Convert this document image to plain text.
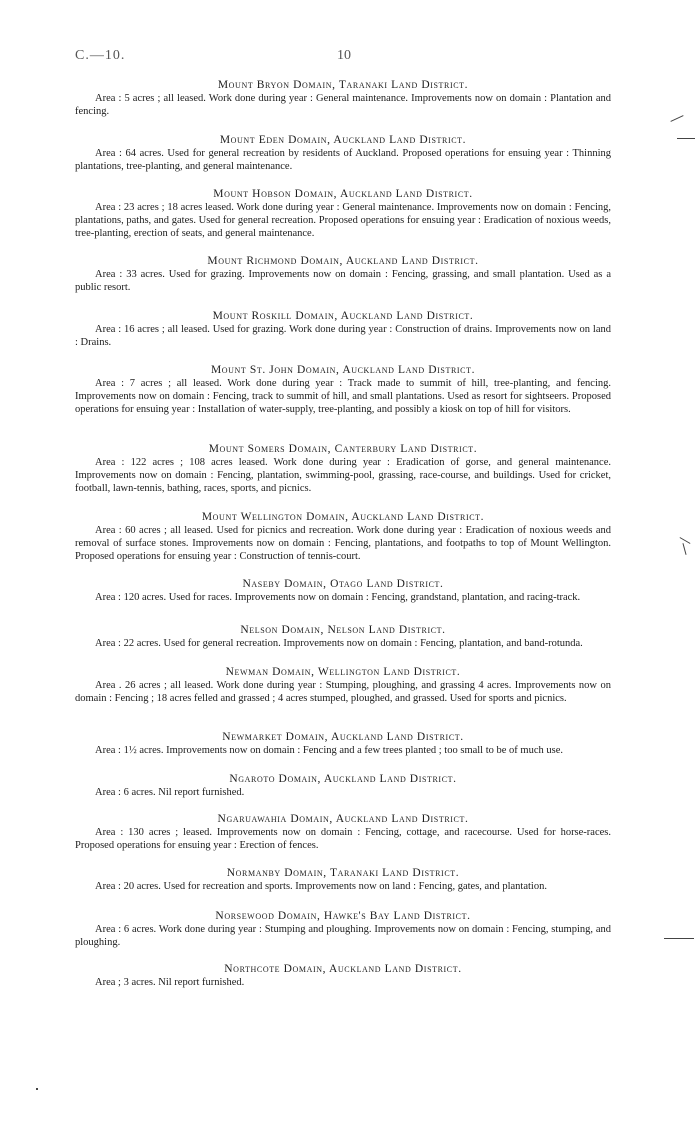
C.—10.	10
Mount Bryon Domain, Taranaki Land District.

Area : 5 acres ; all leased. Work done during year : General maintenance. Improvements now on domain : Plantation and fencing.

Mount Eden Domain, Auckland Land District.

Area : 64 acres. Used for general recreation by residents of Auckland. Proposed operations for ensuing year : Thinning plantations, tree-planting, and general maintenance.

Mount Hobson Domain, Auckland Land District.

Area : 23 acres ; 18 acres leased. Work done during year : General maintenance. Improvements now on domain : Fencing, plantations, paths, and gates. Used for general recreation. Proposed operations for ensuing year : Eradication of noxious weeds, tree-planting, erection of seats, and general maintenance.

Mount Richmond Domain, Auckland Land District.

Area : 33 acres. Used for grazing. Improvements now on domain : Fencing, grassing, and small plantation. Used as a public resort.

Mount Roskill Domain, Auckland Land District.

Area : 16 acres ; all leased. Used for grazing. Work done during year : Construction of drains. Improvements now on land : Drains.

Mount St. John Domain, Auckland Land District.

Area : 7 acres ; all leased. Work done during year : Track made to summit of hill, tree-planting, and fencing. Improvements now on domain : Fencing, track to summit of hill, and small plantations. Used as resort for sightseers. Proposed operations for ensuing year : Installation of water-supply, tree-planting, and possibly a kiosk on top of hill for visitors.

Mount Somers Domain, Canterbury Land District.

Area : 122 acres ; 108 acres leased. Work done during year : Eradication of gorse, and general maintenance. Improvements now on domain : Fencing, plantation, swimming-pool, grassing, race-course, and buildings. Used for cricket, football, lawn-tennis, bathing, races, sports, and picnics.

Mount Wellington Domain, Auckland Land District.

Area : 60 acres ; all leased. Used for picnics and recreation. Work done during year : Eradication of noxious weeds and removal of surface stones. Improvements now on domain : Fencing, plantations, and footpaths to top of Mount Wellington. Proposed operations for ensuing year : Construction of tennis-court.

Naseby Domain, Otago Land District.

Area : 120 acres. Used for races. Improvements now on domain : Fencing, grandstand, plantation, and racing-track.

Nelson Domain, Nelson Land District.

Area : 22 acres. Used for general recreation. Improvements now on domain : Fencing, plantation, and band-rotunda.

Newman Domain, Wellington Land District.

Area . 26 acres ; all leased. Work done during year : Stumping, ploughing, and grassing 4 acres. Improvements now on domain : Fencing ; 18 acres felled and grassed ; 4 acres stumped, ploughed, and grassed. Used for sports and picnics.

Newmarket Domain, Auckland Land District.

Area : 1½ acres. Improvements now on domain : Fencing and a few trees planted ; too small to be of much use.

Ngaroto Domain, Auckland Land District.

Area : 6 acres. Nil report furnished.

Ngaruawahia Domain, Auckland Land District.

Area : 130 acres ; leased. Improvements now on domain : Fencing, cottage, and racecourse. Used for horse-races. Proposed operations for ensuing year : Erection of fences.

Normanby Domain, Taranaki Land District.

Area : 20 acres. Used for recreation and sports. Improvements now on land : Fencing, gates, and plantation.

Norsewood Domain, Hawke's Bay Land District.

Area : 6 acres. Work done during year : Stumping and ploughing. Improvements now on domain : Fencing, stumping, and ploughing.

Northcote Domain, Auckland Land District.

Area ; 3 acres. Nil report furnished.
